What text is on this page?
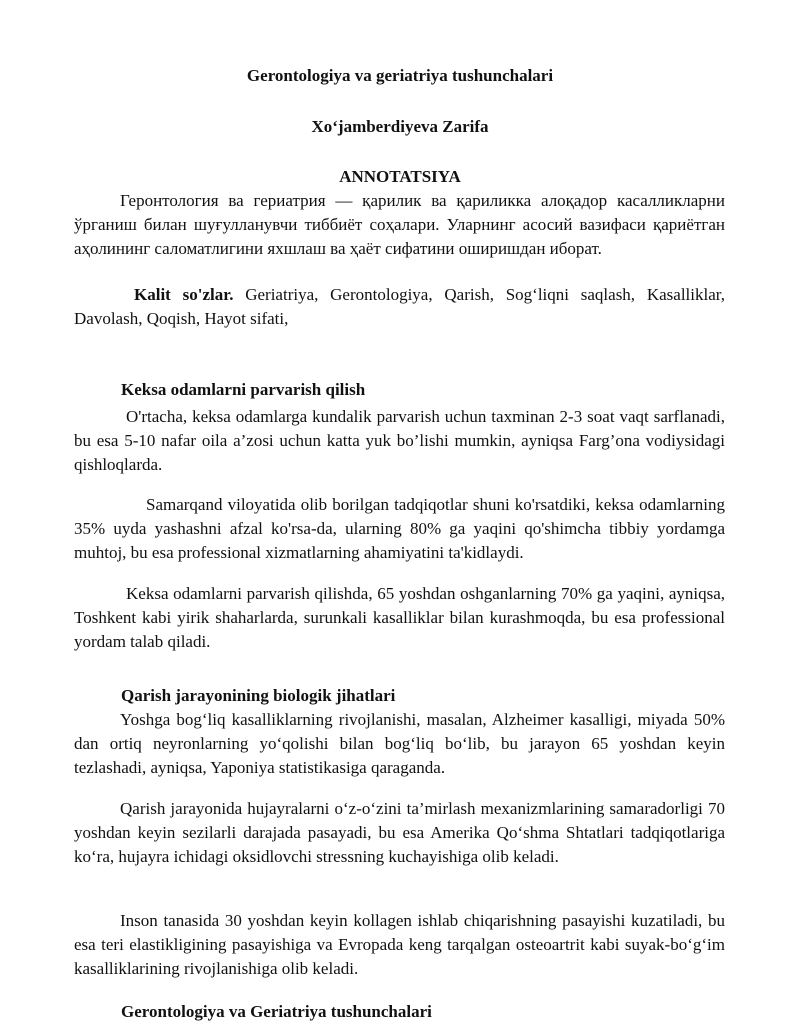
Gerontologiya va geriatriya tushunchalari
Xo‘jamberdiyeva Zarifa
ANNOTATSIYA
Геронтология ва гериатрия — қарилик ва қариликка алоқадор касалликларни ўрганиш билан шуғулланувчи тиббиёт соҳалари. Уларнинг асосий вазифаси қариётган аҳолининг саломатлигини яхшлаш ва ҳаёт сифатини оширишдан иборат.
Kalit so'zlar. Geriatriya, Gerontologiya, Qarish, Sog‘liqni saqlash, Kasalliklar, Davolash, Qoqish, Hayot sifati,
Keksa odamlarni parvarish qilish
O'rtacha, keksa odamlarga kundalik parvarish uchun taxminan 2-3 soat vaqt sarflanadi, bu esa 5-10 nafar oila a’zosi uchun katta yuk bo’lishi mumkin, ayniqsa Farg’ona vodiysidagi qishloqlarda.
Samarqand viloyatida olib borilgan tadqiqotlar shuni ko'rsatdiki, keksa odamlarning 35% uyda yashashni afzal ko'rsa-da, ularning 80% ga yaqini qo'shimcha tibbiy yordamga muhtoj, bu esa professional xizmatlarning ahamiyatini ta'kidlaydi.
Keksa odamlarni parvarish qilishda, 65 yoshdan oshganlarning 70% ga yaqini, ayniqsa, Toshkent kabi yirik shaharlarda, surunkali kasalliklar bilan kurashmoqda, bu esa professional yordam talab qiladi.
Qarish jarayonining biologik jihatlari
Yoshga bog‘liq kasalliklarning rivojlanishi, masalan, Alzheimer kasalligi, miyada 50% dan ortiq neyronlarning yo‘qolishi bilan bog‘liq bo‘lib, bu jarayon 65 yoshdan keyin tezlashadi, ayniqsa, Yaponiya statistikasiga qaraganda.
Qarish jarayonida hujayralarni o‘z-o‘zini ta’mirlash mexanizmlarining samaradorligi 70 yoshdan keyin sezilarli darajada pasayadi, bu esa Amerika Qo‘shma Shtatlari tadqiqotlariga ko‘ra, hujayra ichidagi oksidlovchi stressning kuchayishiga olib keladi.
Inson tanasida 30 yoshdan keyin kollagen ishlab chiqarishning pasayishi kuzatiladi, bu esa teri elastikligining pasayishiga va Evropada keng tarqalgan osteoartrit kabi suyak-bo‘g‘im kasalliklarining rivojlanishiga olib keladi.
Gerontologiya va Geriatriya tushunchalari
